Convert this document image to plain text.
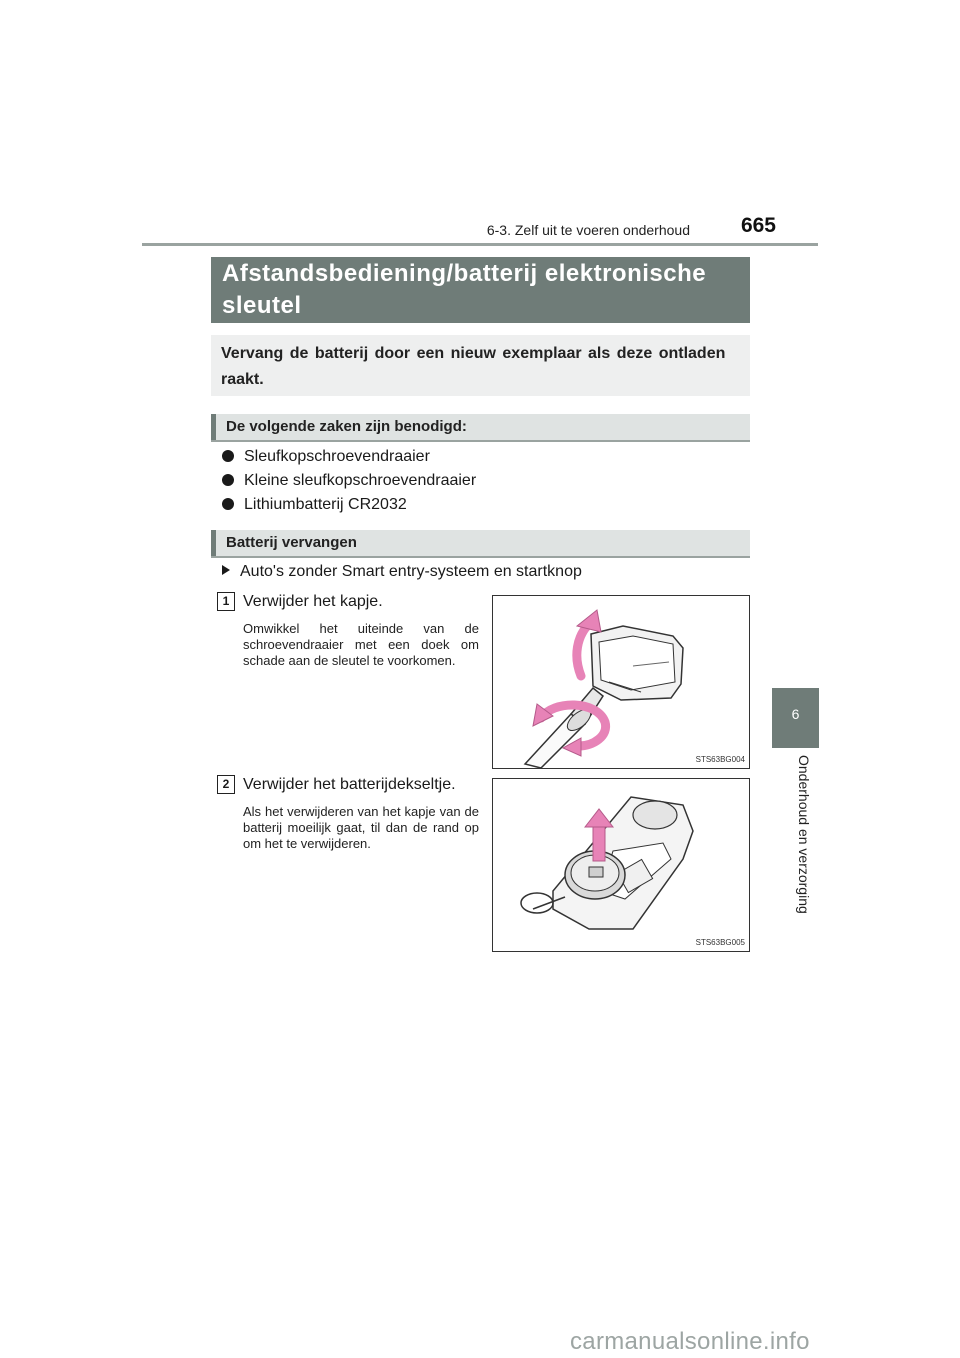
6-3. Zelf uit te voeren onderhoud	665
6
Onderhoud en verzorging
Afstandsbediening/batterij elektronische
sleutel
Vervang de batterij door een nieuw exemplaar als deze ontladen raakt.
De volgende zaken zijn benodigd:
Sleufkopschroevendraaier
Kleine sleufkopschroevendraaier
Lithiumbatterij CR2032
Batterij vervangen
Auto's zonder Smart entry-systeem en startknop
1 Verwijder het kapje.
Omwikkel het uiteinde van de schroevendraaier met een doek om schade aan de sleutel te voorkomen.
STS63BG004
2 Verwijder het batterijdekseltje.
Als het verwijderen van het kapje van de batterij moeilijk gaat, til dan de rand op om het te verwijderen.
STS63BG005
carmanualsonline.info
